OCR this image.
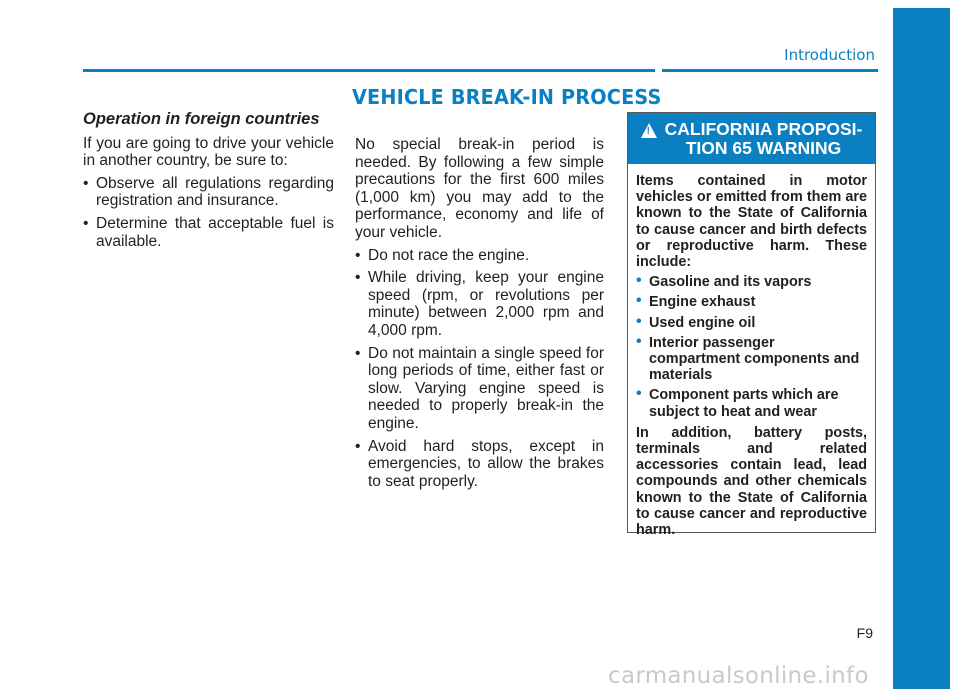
Introduction
VEHICLE BREAK-IN PROCESS
Operation in foreign countries

If you are going to drive your vehicle in another country, be sure to:

• Observe all regulations regarding registration and insurance.
• Determine that acceptable fuel is available.

No special break-in period is needed. By following a few simple precautions for the first 600 miles (1,000 km) you may add to the performance, economy and life of your vehicle.

• Do not race the engine.
• While driving, keep your engine speed (rpm, or revolutions per minute) between 2,000 rpm and 4,000 rpm.
• Do not maintain a single speed for long periods of time, either fast or slow. Varying engine speed is needed to properly break-in the engine.
• Avoid hard stops, except in emergencies, to allow the brakes to seat properly.
! CALIFORNIA PROPOSI-
TION 65 WARNING

Items contained in motor vehicles or emitted from them are known to the State of California to cause cancer and birth defects or reproductive harm. These include:

• Gasoline and its vapors
• Engine exhaust
• Used engine oil
• Interior passenger compartment components and materials
• Component parts which are subject to heat and wear

In addition, battery posts, terminals and related accessories contain lead, lead compounds and other chemicals known to the State of California to cause cancer and reproductive harm.

F9
carmanualsonline.info
